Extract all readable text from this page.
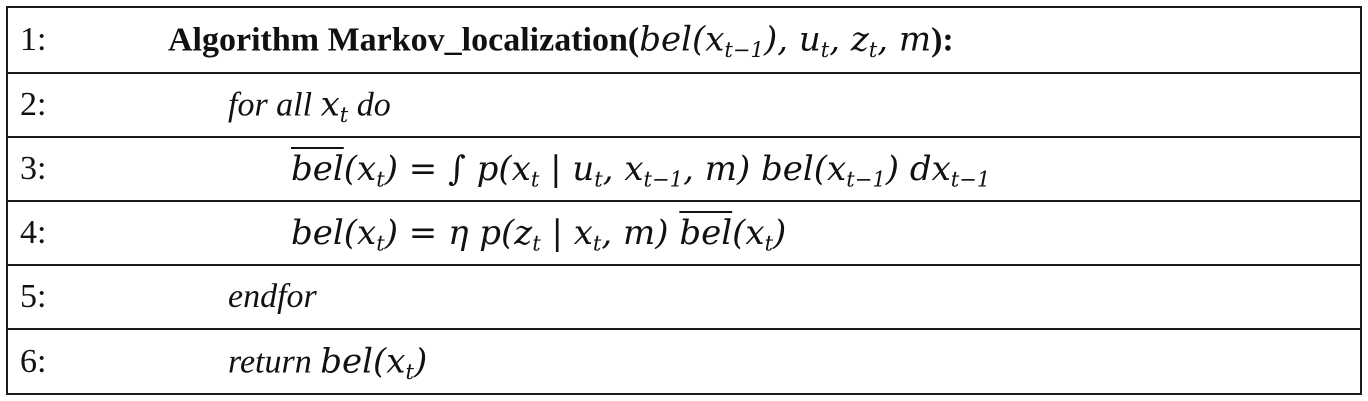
1:	Algorithm $Markov\_localization(bel(x_{t-1})$, $u_t$, $z_t$, m):
2:	for all $x_t$ do
3:	$\overline{bel}(x_t)$ = ∫ $p(x_t$ | $u_t$, $x_{t-1}$, m) $bel(x_{t-1})$ $dx_{t-1}$
4:	$bel(x_t) = \eta$ $p(z_t$ | $x_t$, m) $\overline{bel}(x_t)$
5:	endfor
6:	return $bel(x_t)$
